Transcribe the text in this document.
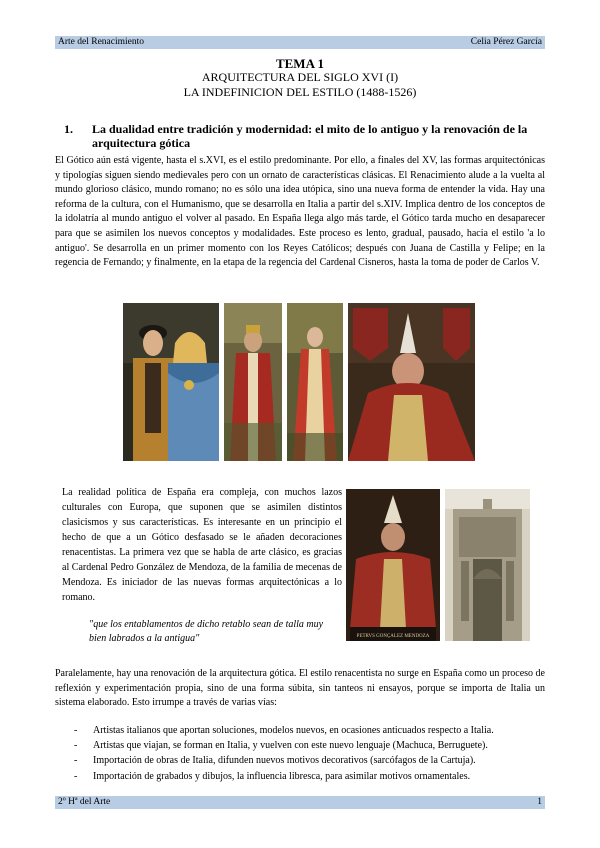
Arte del Renacimiento	Celia Pérez García
TEMA 1
ARQUITECTURA DEL SIGLO XVI (I)
LA INDEFINICION DEL ESTILO (1488-1526)
1. La dualidad entre tradición y modernidad: el mito de lo antiguo y la renovación de la arquitectura gótica

El Gótico aún está vigente, hasta el s.XVI, es el estilo predominante. Por ello, a finales del XV, las formas arquitectónicas y tipologías siguen siendo medievales pero con un ornato de características clásicas. El Renacimiento alude a la vuelta al mundo glorioso clásico, mundo romano; no es sólo una idea utópica, sino una nueva forma de entender la vida. Hay una reforma de la cultura, con el Humanismo, que se desarrolla en Italia a partir del s.XIV. Implica dentro de los conceptos de la idolatría al mundo antiguo el volver al pasado. En España llega algo más tarde, el Gótico tarda mucho en desaparecer para que se asimilen los nuevos conceptos y modalidades. Este proceso es lento, gradual, pausado, hacia el estilo 'a lo antiguo'. Se desarrolla en un primer momento con los Reyes Católicos; después con Juana de Castilla y Felipe; en la regencia de Fernando; y finalmente, en la etapa de la regencia del Cardenal Cisneros, hasta la toma de poder de Carlos V.

La realidad política de España era compleja, con muchos lazos culturales con Europa, que suponen que se asimilen distintos clasicismos y sus características. Es interesante en un principio el hecho de que a un Gótico desfasado se le añaden decoraciones renacentistas. La primera vez que se habla de arte clásico, es gracias al Cardenal Pedro González de Mendoza, de la familia de mecenas de Mendoza. Es iniciador de las nuevas formas arquitectónicas a lo romano.

"que los entablamentos de dicho retablo sean de talla muy bien labrados a la antigua"	PETRVS GONÇALEZ MENDOZA

Paralelamente, hay una renovación de la arquitectura gótica. El estilo renacentista no surge en España como un proceso de reflexión y experimentación propia, sino de una forma súbita, sin tanteos ni ensayos, porque se importa de Italia un sistema elaborado. Esto irrumpe a través de varias vías:

- Artistas italianos que aportan soluciones, modelos nuevos, en ocasiones anticuados respecto a Italia.
- Artistas que viajan, se forman en Italia, y vuelven con este nuevo lenguaje (Machuca, Berruguete).
- Importación de obras de Italia, difunden nuevos motivos decorativos (sarcófagos de la Cartuja).
- Importación de grabados y dibujos, la influencia libresca, para asimilar motivos ornamentales.
2º Hª del Arte	1
